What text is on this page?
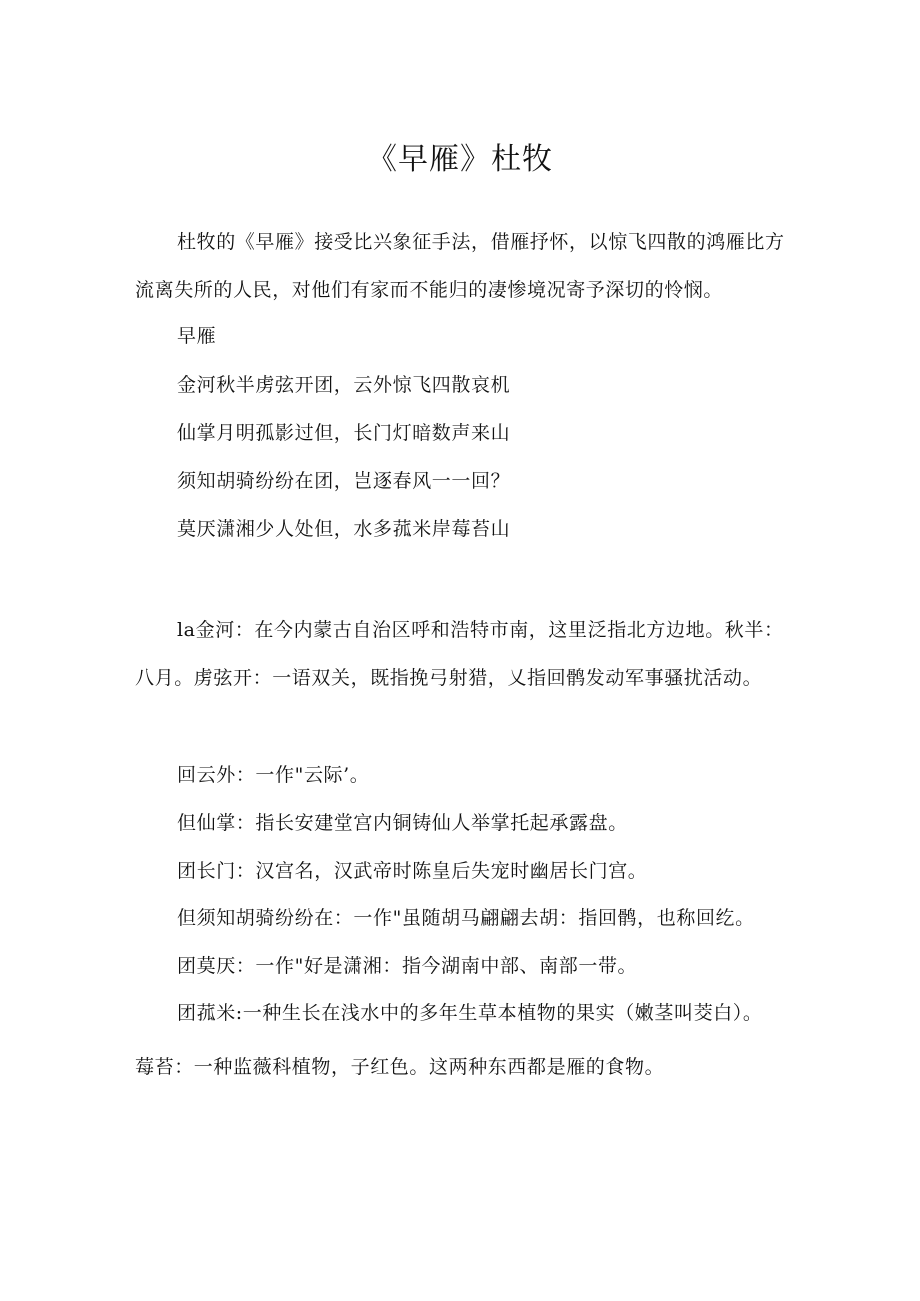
《早雁》杜牧

杜牧的《早雁》接受比兴象征手法，借雁抒怀，以惊飞四散的鸿雁比方流离失所的人民，对他们有家而不能归的凄惨境况寄予深切的怜悯。

早雁
金河秋半虏弦开团，云外惊飞四散哀机
仙掌月明孤影过但，长门灯暗数声来山
须知胡骑纷纷在团，岂逐春风一一回？
莫厌潇湘少人处但，水多菰米岸莓苔山

la金河：在今内蒙古自治区呼和浩特市南，这里泛指北方边地。秋半：八月。虏弦开：一语双关，既指挽弓射猎，乂指回鹘发动军事骚扰活动。

回云外：一作"云际’。
但仙掌：指长安建堂宫内铜铸仙人举掌托起承露盘。
团长门：汉宫名，汉武帝时陈皇后失宠时幽居长门宫。
但须知胡骑纷纷在：一作"虽随胡马翩翩去胡：指回鹘，也称回纥。
团莫厌：一作"好是潇湘：指今湖南中部、南部一带。
团菰米:一种生长在浅水中的多年生草本植物的果实（嫩茎叫茭白）。
莓苔：一种监薇科植物，子红色。这两种东西都是雁的食物。
